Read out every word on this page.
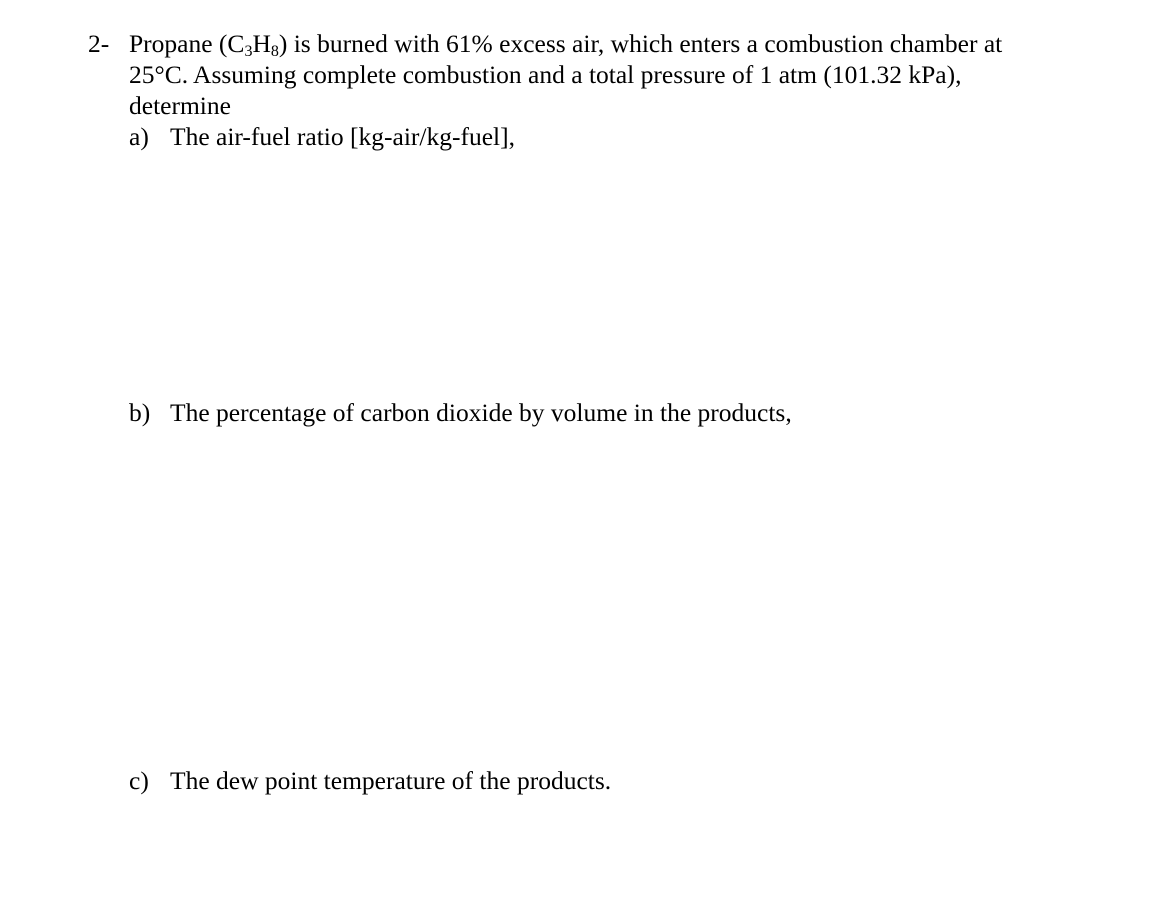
2- Propane $(C_3H_8)$ is burned with 61% excess air, which enters a combustion chamber at
25°C. Assuming complete combustion and a total pressure of 1 atm (101.32 kPa),
determine
a) The air-fuel ratio [kg-air/kg-fuel],
b) The percentage of carbon dioxide by volume in the products,
c) The dew point temperature of the products.
